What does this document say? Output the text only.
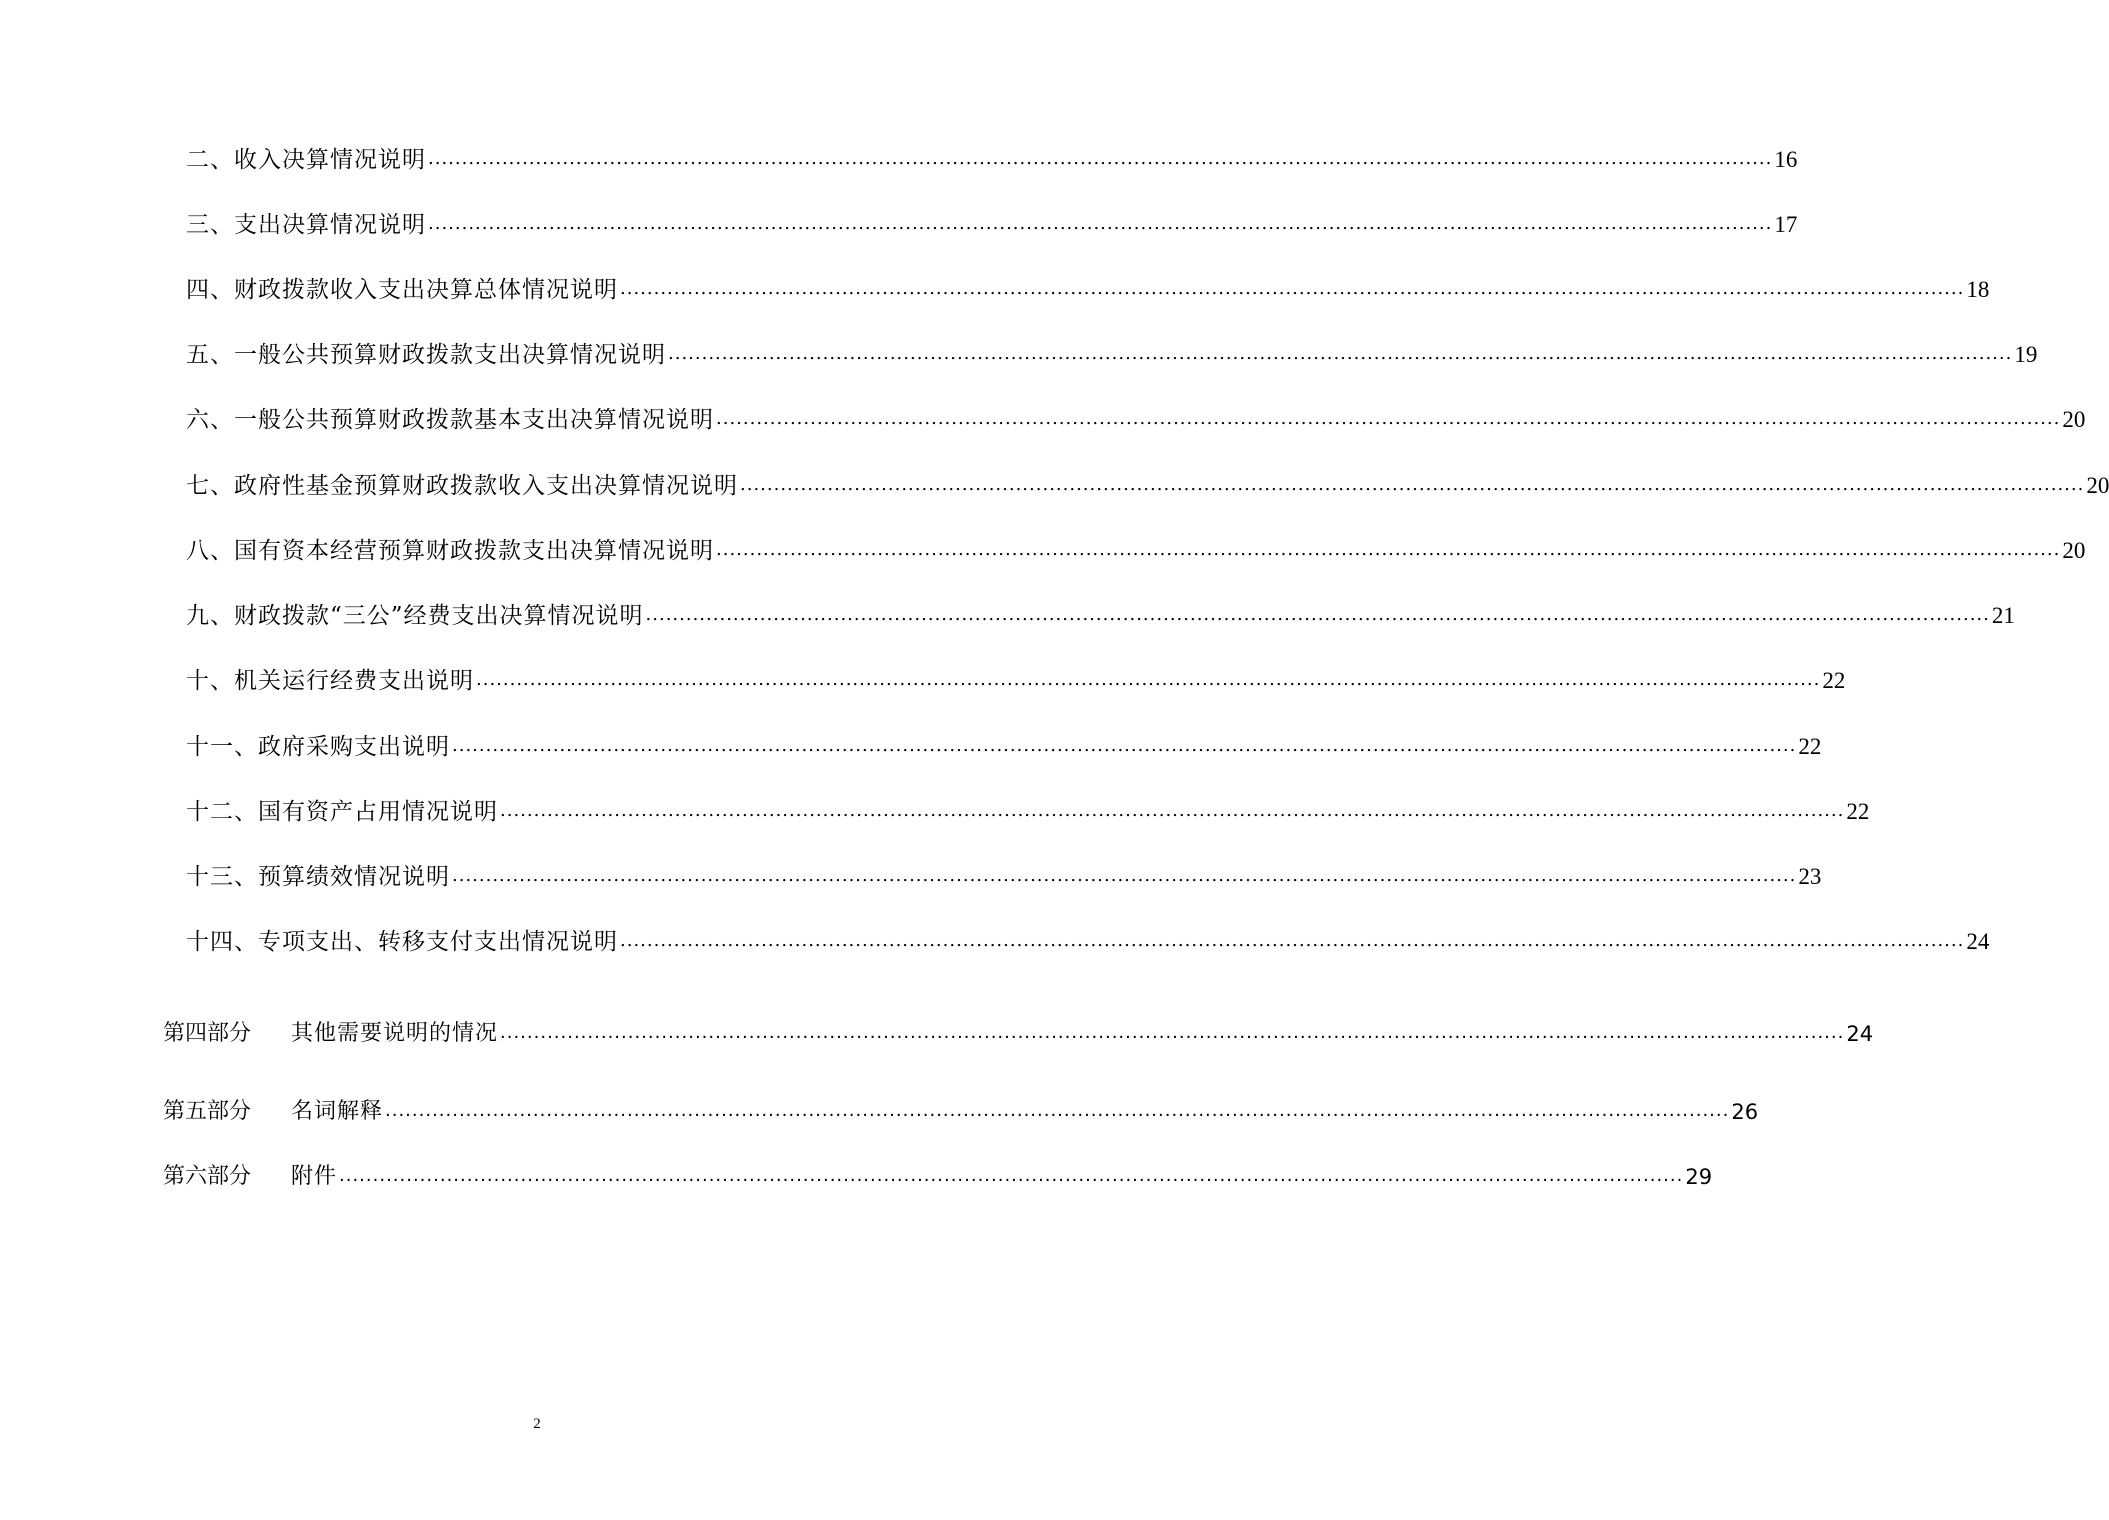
二、收入决算情况说明 ........................................................................................................................................................................................................ 16
三、支出决算情况说明 ........................................................................................................................................................................................................ 17
四、财政拨款收入支出决算总体情况说明 ........................................................................................................................................................................................................ 18
五、一般公共预算财政拨款支出决算情况说明 ........................................................................................................................................................................................................ 19
六、一般公共预算财政拨款基本支出决算情况说明 ........................................................................................................................................................................................................ 20
七、政府性基金预算财政拨款收入支出决算情况说明 ........................................................................................................................................................................................................ 20
八、国有资本经营预算财政拨款支出决算情况说明 ........................................................................................................................................................................................................ 20
九、财政拨款“三公”经费支出决算情况说明 ........................................................................................................................................................................................................ 21
十、机关运行经费支出说明 ........................................................................................................................................................................................................ 22
十一、政府采购支出说明 ........................................................................................................................................................................................................ 22
十二、国有资产占用情况说明 ........................................................................................................................................................................................................ 22
十三、预算绩效情况说明 ........................................................................................................................................................................................................ 23
十四、专项支出、转移支付支出情况说明 ........................................................................................................................................................................................................ 24
第四部分	其他需要说明的情况 ........................................................................................................................................................................................................ 24
第五部分	名词解释 ........................................................................................................................................................................................................ 26
第六部分	附件 ........................................................................................................................................................................................................ 29
2
